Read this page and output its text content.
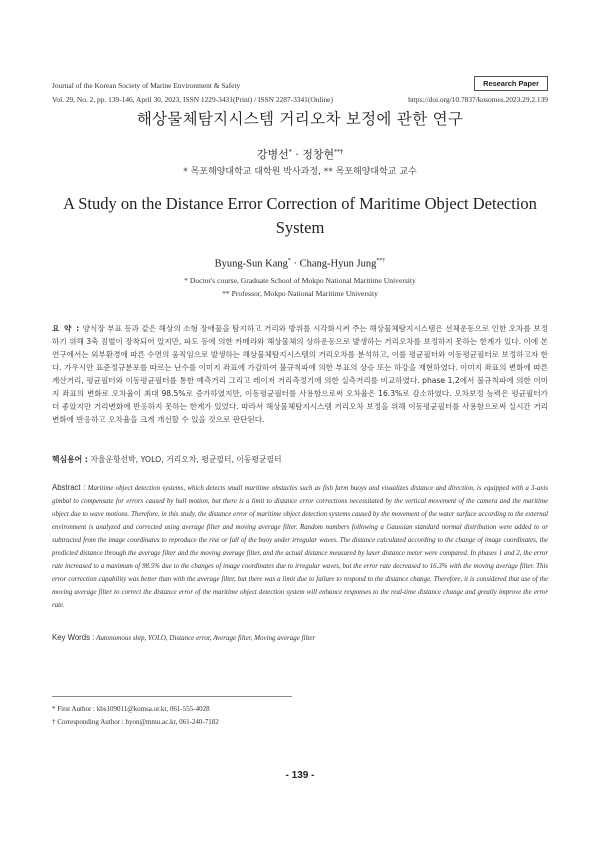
Journal of the Korean Society of Marine Environment & Safety	Research Paper
Vol. 29, No. 2, pp. 139-146, April 30, 2023, ISSN 1229-3431(Print) / ISSN 2287-3341(Online)	https://doi.org/10.7837/kosomes.2023.29.2.139
해상물체탐지시스템 거리오차 보정에 관한 연구
강병선* · 정창현**†
* 목포해양대학교 대학원 박사과정, ** 목포해양대학교 교수
A Study on the Distance Error Correction of Maritime Object Detection System
Byung-Sun Kang* · Chang-Hyun Jung**†
* Doctor's course, Graduate School of Mokpo National Maritime University
** Professor, Mokpo National Maritime University
요 약 : 양식장 부표 등과 같은 해상의 소형 장애물을 탐지하고 거리와 방위를 시각화시켜 주는 해상물체탐지시스템은 선체운동으로 인한 오차를 보정하기 위해 3축 짐벌이 장착되어 있지만, 파도 등에 의한 카메라와 해상물체의 상하운동으로 발생하는 거리오차를 보정하지 못하는 한계가 있다. 이에 본 연구에서는 외부환경에 따른 수면의 움직임으로 발생하는 해상물체탐지시스템의 거리오차를 분석하고, 이를 평균필터와 이동평균필터로 보정하고자 한다. 가우시안 표준정규분포를 따르는 난수를 이미지 좌표에 가감하여 불규칙파에 의한 부표의 상승 또는 하강을 재현하였다. 이미지 좌표의 변화에 따른 계산거리, 평균필터와 이동평균필터를 통한 예측거리 그리고 레이저 거리측정기에 의한 실측거리를 비교하였다. phase 1,2에서 불규칙파에 의한 이미지 좌표의 변화로 오차율이 최대 98.5%로 증가하였지만, 이동평균필터를 사용함으로써 오차율은 16.3%로 감소하였다. 오차보정 능력은 평균필터가 더 좋았지만 거리변화에 반응하지 못하는 한계가 있었다. 따라서 해상물체탐지시스템 거리오차 보정을 위해 이동평균필터를 사용함으로써 실시간 거리변화에 반응하고 오차율을 크게 개선할 수 있을 것으로 판단된다.
핵심용어 : 자율운항선박, YOLO, 거리오차, 평균필터, 이동평균필터
Abstract : Maritime object detection systems, which detects small maritime obstacles such as fish farm buoys and visualizes distance and direction, is equipped with a 3-axis gimbal to compensate for errors caused by hull motion, but there is a limit to distance error corrections necessitated by the vertical movement of the camera and the maritime object due to wave motions. Therefore, in this study, the distance error of maritime object detection systems caused by the movement of the water surface according to the external environment is analyzed and corrected using average filter and moving average filter. Random numbers following a Gaussian standard normal distribution were added to or subtracted from the image coordinates to reproduce the rise or fall of the buoy under irregular waves. The distance calculated according to the change of image coordinates, the predicted distance through the average filter and the moving average filter, and the actual distance measured by laser distance meter were compared. In phases 1 and 2, the error rate increased to a maximum of 98.5% due to the changes of image coordinates due to irregular waves, but the error rate decreased to 16.3% with the moving average filter. This error correction capability was better than with the average filter, but there was a limit due to failure to respond to the distance change. Therefore, it is considered that use of the moving average filter to correct the distance error of the maritime object detection system will enhance responses to the real-time distance change and greatly improve the error rate.
Key Words : Autonomous ship, YOLO, Distance error, Average filter, Moving average filter
* First Author : kbs109011@komsa.or.kr, 061-555-4028
† Corresponding Author : hyon@mmu.ac.kr, 061-240-7182
- 139 -
